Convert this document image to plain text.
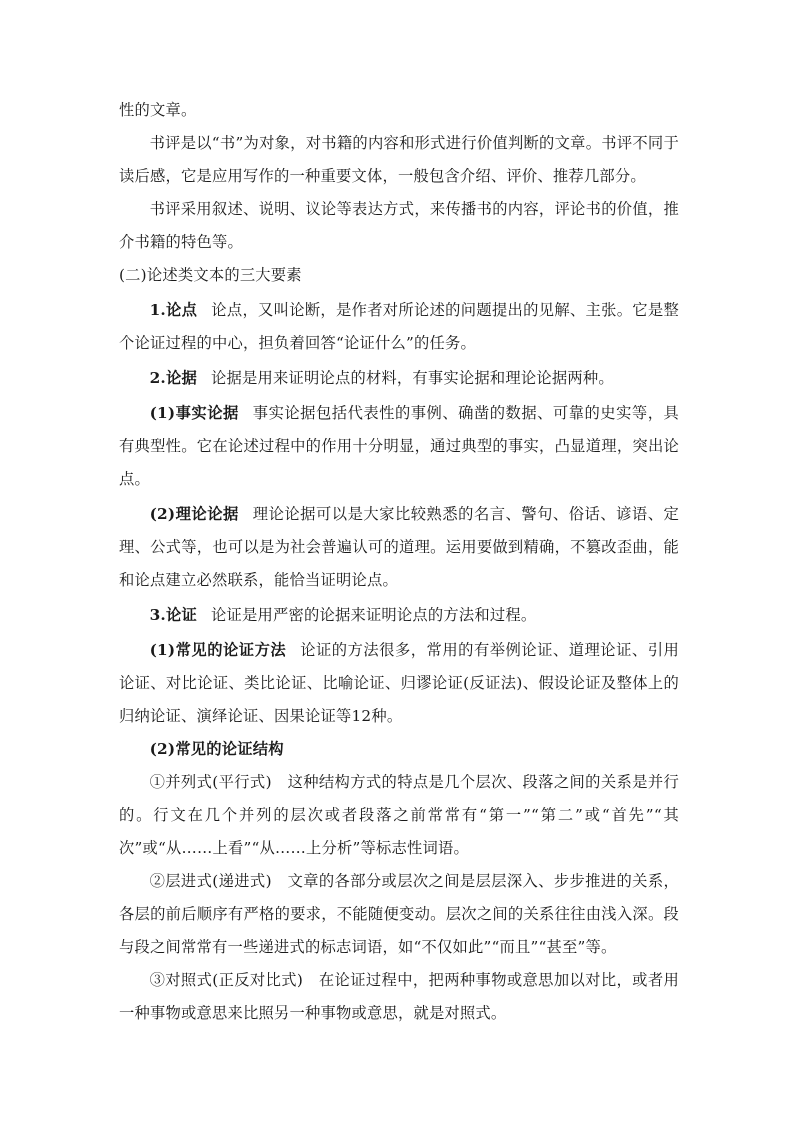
性的文章。

书评是以“书”为对象，对书籍的内容和形式进行价值判断的文章。书评不同于读后感，它是应用写作的一种重要文体，一般包含介绍、评价、推荐几部分。

书评采用叙述、说明、议论等表达方式，来传播书的内容，评论书的价值，推介书籍的特色等。

(二)论述类文本的三大要素

1.论点 论点，又叫论断，是作者对所论述的问题提出的见解、主张。它是整个论证过程的中心，担负着回答“论证什么”的任务。

2.论据 论据是用来证明论点的材料，有事实论据和理论论据两种。

(1)事实论据 事实论据包括代表性的事例、确凿的数据、可靠的史实等，具有典型性。它在论述过程中的作用十分明显，通过典型的事实，凸显道理，突出论点。

(2)理论论据 理论论据可以是大家比较熟悉的名言、警句、俗话、谚语、定理、公式等，也可以是为社会普遍认可的道理。运用要做到精确，不篡改歪曲，能和论点建立必然联系，能恰当证明论点。

3.论证 论证是用严密的论据来证明论点的方法和过程。

(1)常见的论证方法 论证的方法很多，常用的有举例论证、道理论证、引用论证、对比论证、类比论证、比喻论证、归谬论证(反证法)、假设论证及整体上的归纳论证、演绎论证、因果论证等12种。

(2)常见的论证结构

①并列式(平行式)　这种结构方式的特点是几个层次、段落之间的关系是并行的。行文在几个并列的层次或者段落之前常常有“第一”“第二”或“首先”“其次”或“从……上看”“从……上分析”等标志性词语。

②层进式(递进式)　文章的各部分或层次之间是层层深入、步步推进的关系，各层的前后顺序有严格的要求，不能随便变动。层次之间的关系往往由浅入深。段与段之间常常有一些递进式的标志词语，如“不仅如此”“而且”“甚至”等。

③对照式(正反对比式)　在论证过程中，把两种事物或意思加以对比，或者用一种事物或意思来比照另一种事物或意思，就是对照式。
